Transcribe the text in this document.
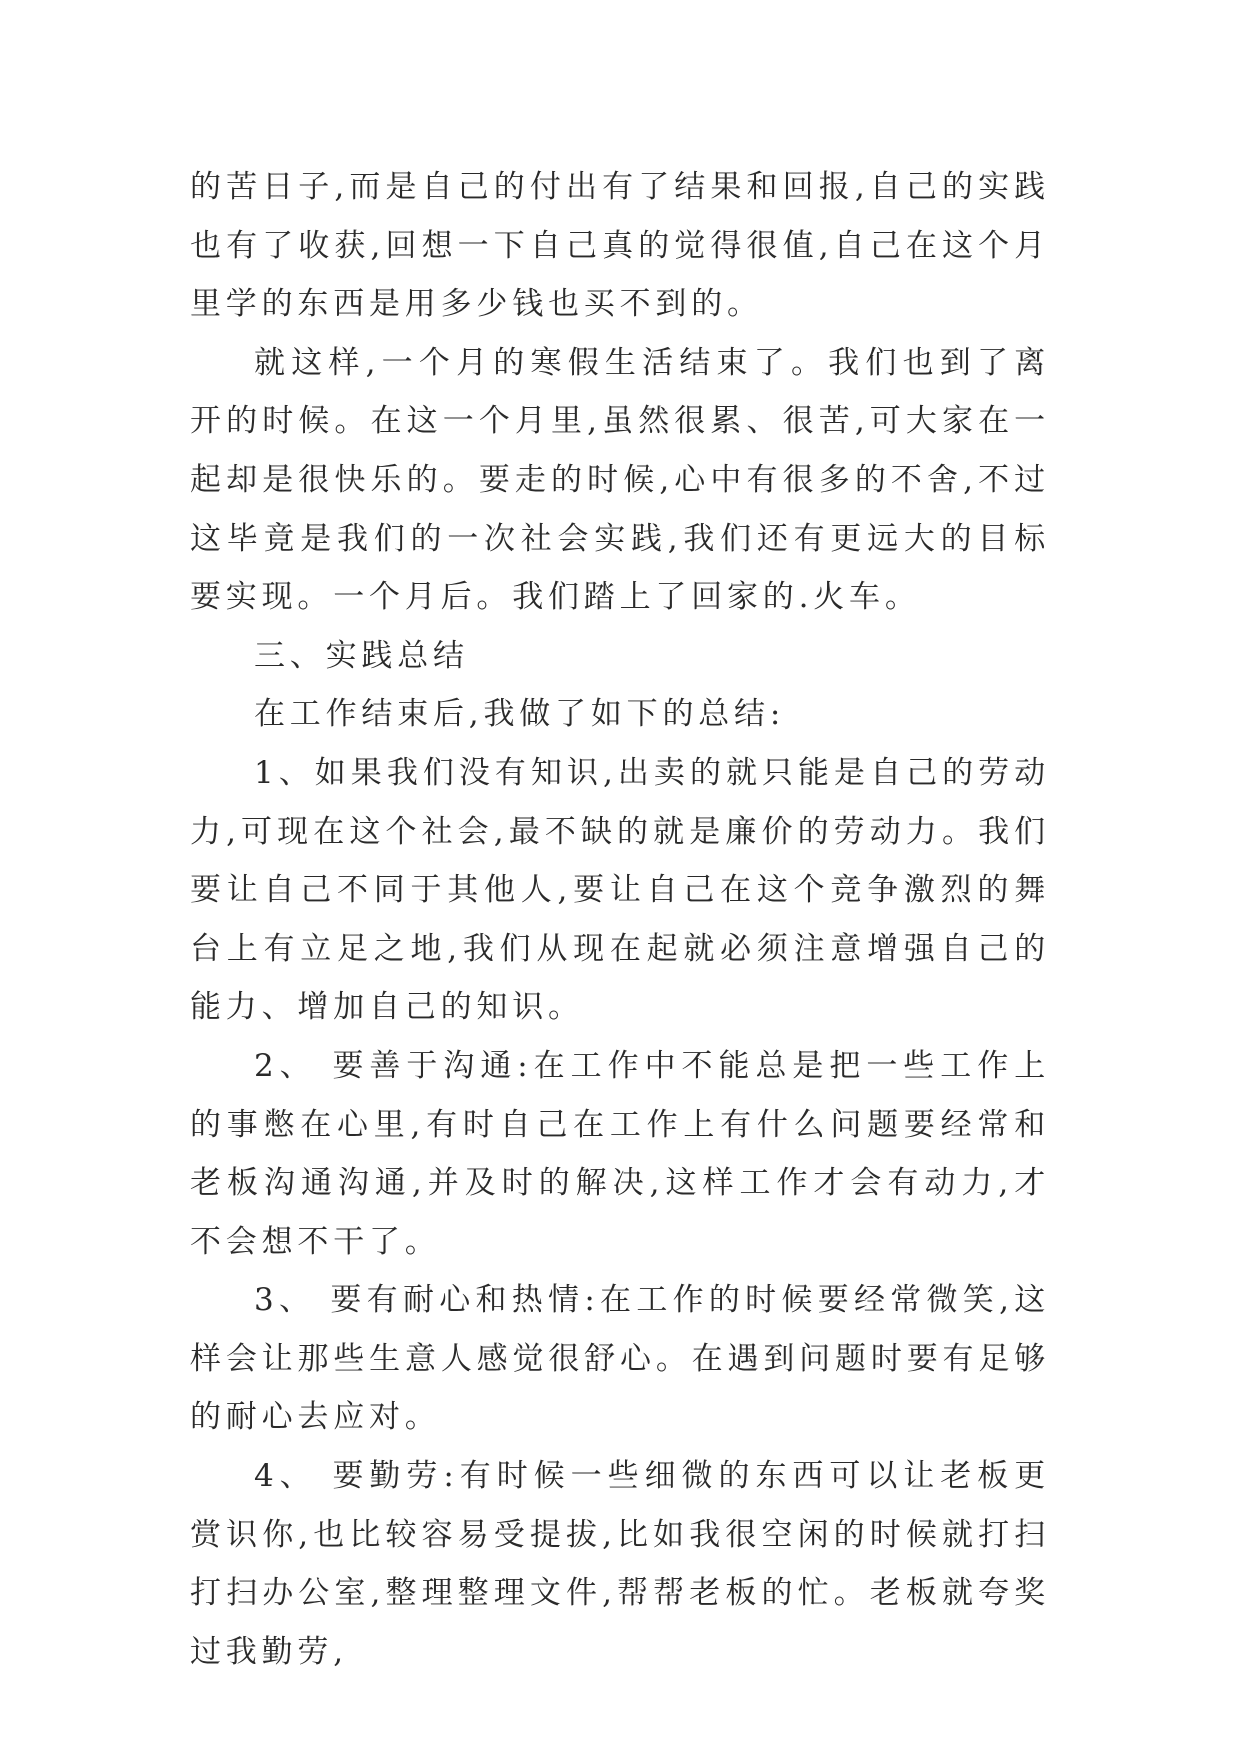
的苦日子,而是自己的付出有了结果和回报,自己的实践也有了收获,回想一下自己真的觉得很值,自己在这个月里学的东西是用多少钱也买不到的。

就这样,一个月的寒假生活结束了。我们也到了离开的时候。在这一个月里,虽然很累、很苦,可大家在一起却是很快乐的。要走的时候,心中有很多的不舍,不过这毕竟是我们的一次社会实践,我们还有更远大的目标要实现。一个月后。我们踏上了回家的.火车。

三、实践总结

在工作结束后,我做了如下的总结:

1、如果我们没有知识,出卖的就只能是自己的劳动力,可现在这个社会,最不缺的就是廉价的劳动力。我们要让自己不同于其他人,要让自己在这个竞争激烈的舞台上有立足之地,我们从现在起就必须注意增强自己的能力、增加自己的知识。

2、 要善于沟通:在工作中不能总是把一些工作上的事憋在心里,有时自己在工作上有什么问题要经常和老板沟通沟通,并及时的解决,这样工作才会有动力,才不会想不干了。

3、 要有耐心和热情:在工作的时候要经常微笑,这样会让那些生意人感觉很舒心。在遇到问题时要有足够的耐心去应对。

4、 要勤劳:有时候一些细微的东西可以让老板更赏识你,也比较容易受提拔,比如我很空闲的时候就打扫打扫办公室,整理整理文件,帮帮老板的忙。老板就夸奖过我勤劳,
